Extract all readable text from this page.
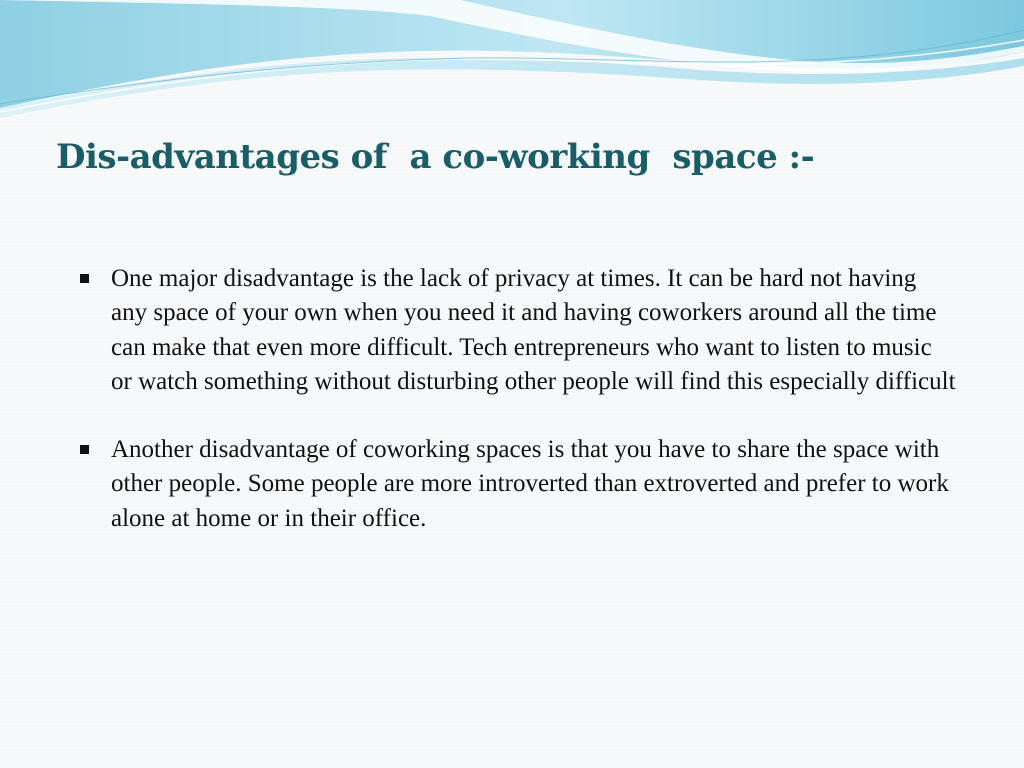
Dis-advantages of  a co-working  space :-
One major disadvantage is the lack of privacy at times. It can be hard not having any space of your own when you need it and having coworkers around all the time can make that even more difficult. Tech entrepreneurs who want to listen to music or watch something without disturbing other people will find this especially difficult
Another disadvantage of coworking spaces is that you have to share the space with other people. Some people are more introverted than extroverted and prefer to work alone at home or in their office.
